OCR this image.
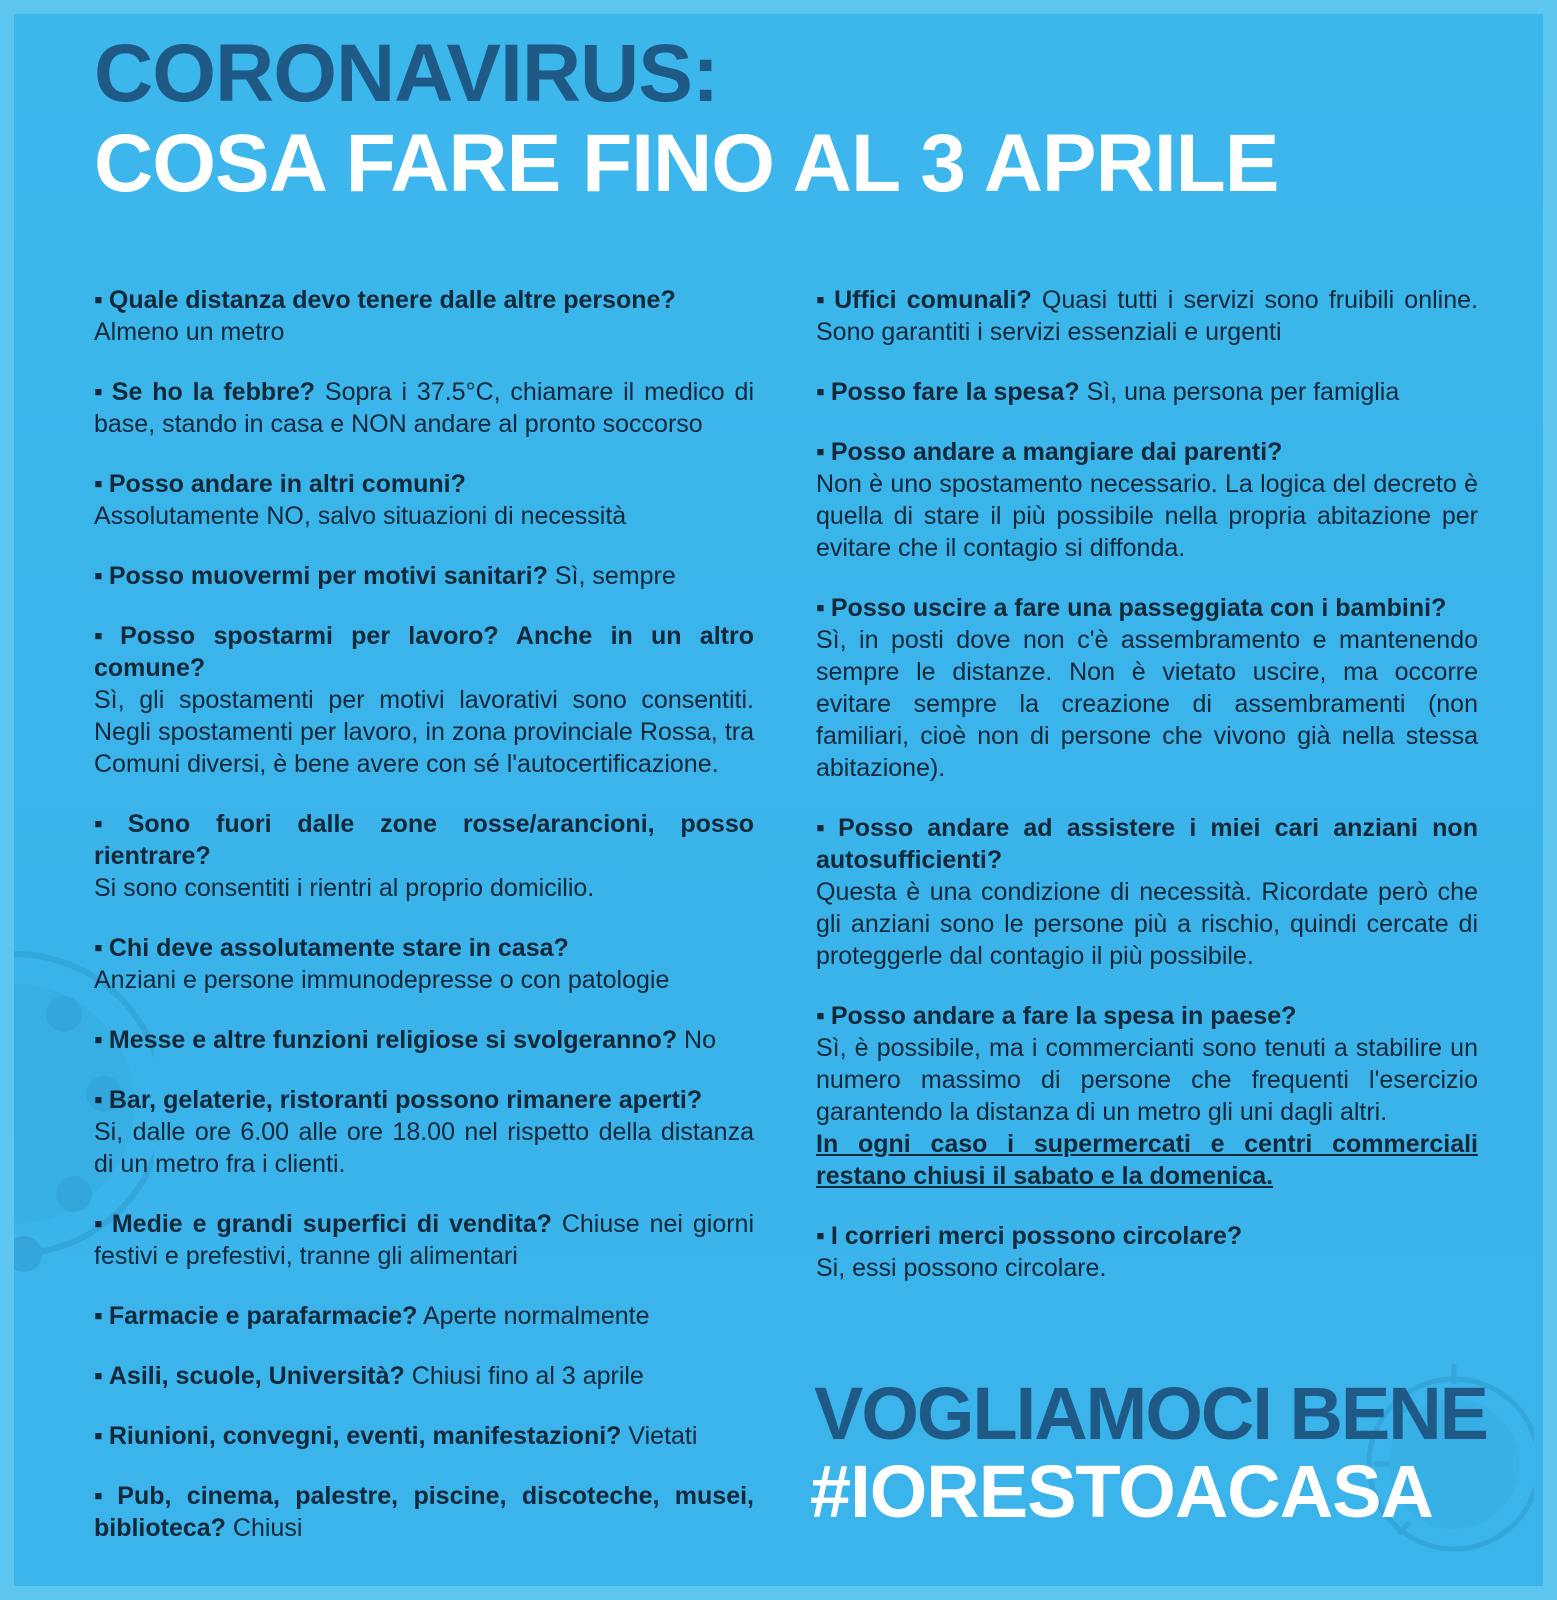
CORONAVIRUS:
COSA FARE FINO AL 3 APRILE
▪ Quale distanza devo tenere dalle altre persone?
Almeno un metro
▪ Se ho la febbre? Sopra i 37.5°C, chiamare il medico di base, stando in casa e NON andare al pronto soccorso
▪ Posso andare in altri comuni?
Assolutamente NO, salvo situazioni di necessità
▪ Posso muovermi per motivi sanitari? Sì, sempre
▪ Posso spostarmi per lavoro? Anche in un altro comune?
Sì, gli spostamenti per motivi lavorativi sono consentiti. Negli spostamenti per lavoro, in zona provinciale Rossa, tra Comuni diversi, è bene avere con sé l'autocertificazione.
▪ Sono fuori dalle zone rosse/arancioni, posso rientrare?
Si sono consentiti i rientri al proprio domicilio.
▪ Chi deve assolutamente stare in casa?
Anziani e persone immunodepresse o con patologie
▪ Messe e altre funzioni religiose si svolgeranno? No
▪ Bar, gelaterie, ristoranti possono rimanere aperti?
Si, dalle ore 6.00 alle ore 18.00 nel rispetto della distanza di un metro fra i clienti.
▪ Medie e grandi superfici di vendita? Chiuse nei giorni festivi e prefestivi, tranne gli alimentari
▪ Farmacie e parafarmacie? Aperte normalmente
▪ Asili, scuole, Università? Chiusi fino al 3 aprile
▪ Riunioni, convegni, eventi, manifestazioni? Vietati
▪ Pub, cinema, palestre, piscine, discoteche, musei, biblioteca? Chiusi
▪ Uffici comunali? Quasi tutti i servizi sono fruibili online. Sono garantiti i servizi essenziali e urgenti
▪ Posso fare la spesa? Sì, una persona per famiglia
▪ Posso andare a mangiare dai parenti?
Non è uno spostamento necessario. La logica del decreto è quella di stare il più possibile nella propria abitazione per evitare che il contagio si diffonda.
▪ Posso uscire a fare una passeggiata con i bambini?
Sì, in posti dove non c'è assembramento e mantenendo sempre le distanze. Non è vietato uscire, ma occorre evitare sempre la creazione di assembramenti (non familiari, cioè non di persone che vivono già nella stessa abitazione).
▪ Posso andare ad assistere i miei cari anziani non autosufficienti?
Questa è una condizione di necessità. Ricordate però che gli anziani sono le persone più a rischio, quindi cercate di proteggerle dal contagio il più possibile.
▪ Posso andare a fare la spesa in paese?
Sì, è possibile, ma i commercianti sono tenuti a stabilire un numero massimo di persone che frequenti l'esercizio garantendo la distanza di un metro gli uni dagli altri.
In ogni caso i supermercati e centri commerciali restano chiusi il sabato e la domenica.
▪ I corrieri merci possono circolare?
Si, essi possono circolare.
VOGLIAMOCI BENE
#IORESTOACASA
